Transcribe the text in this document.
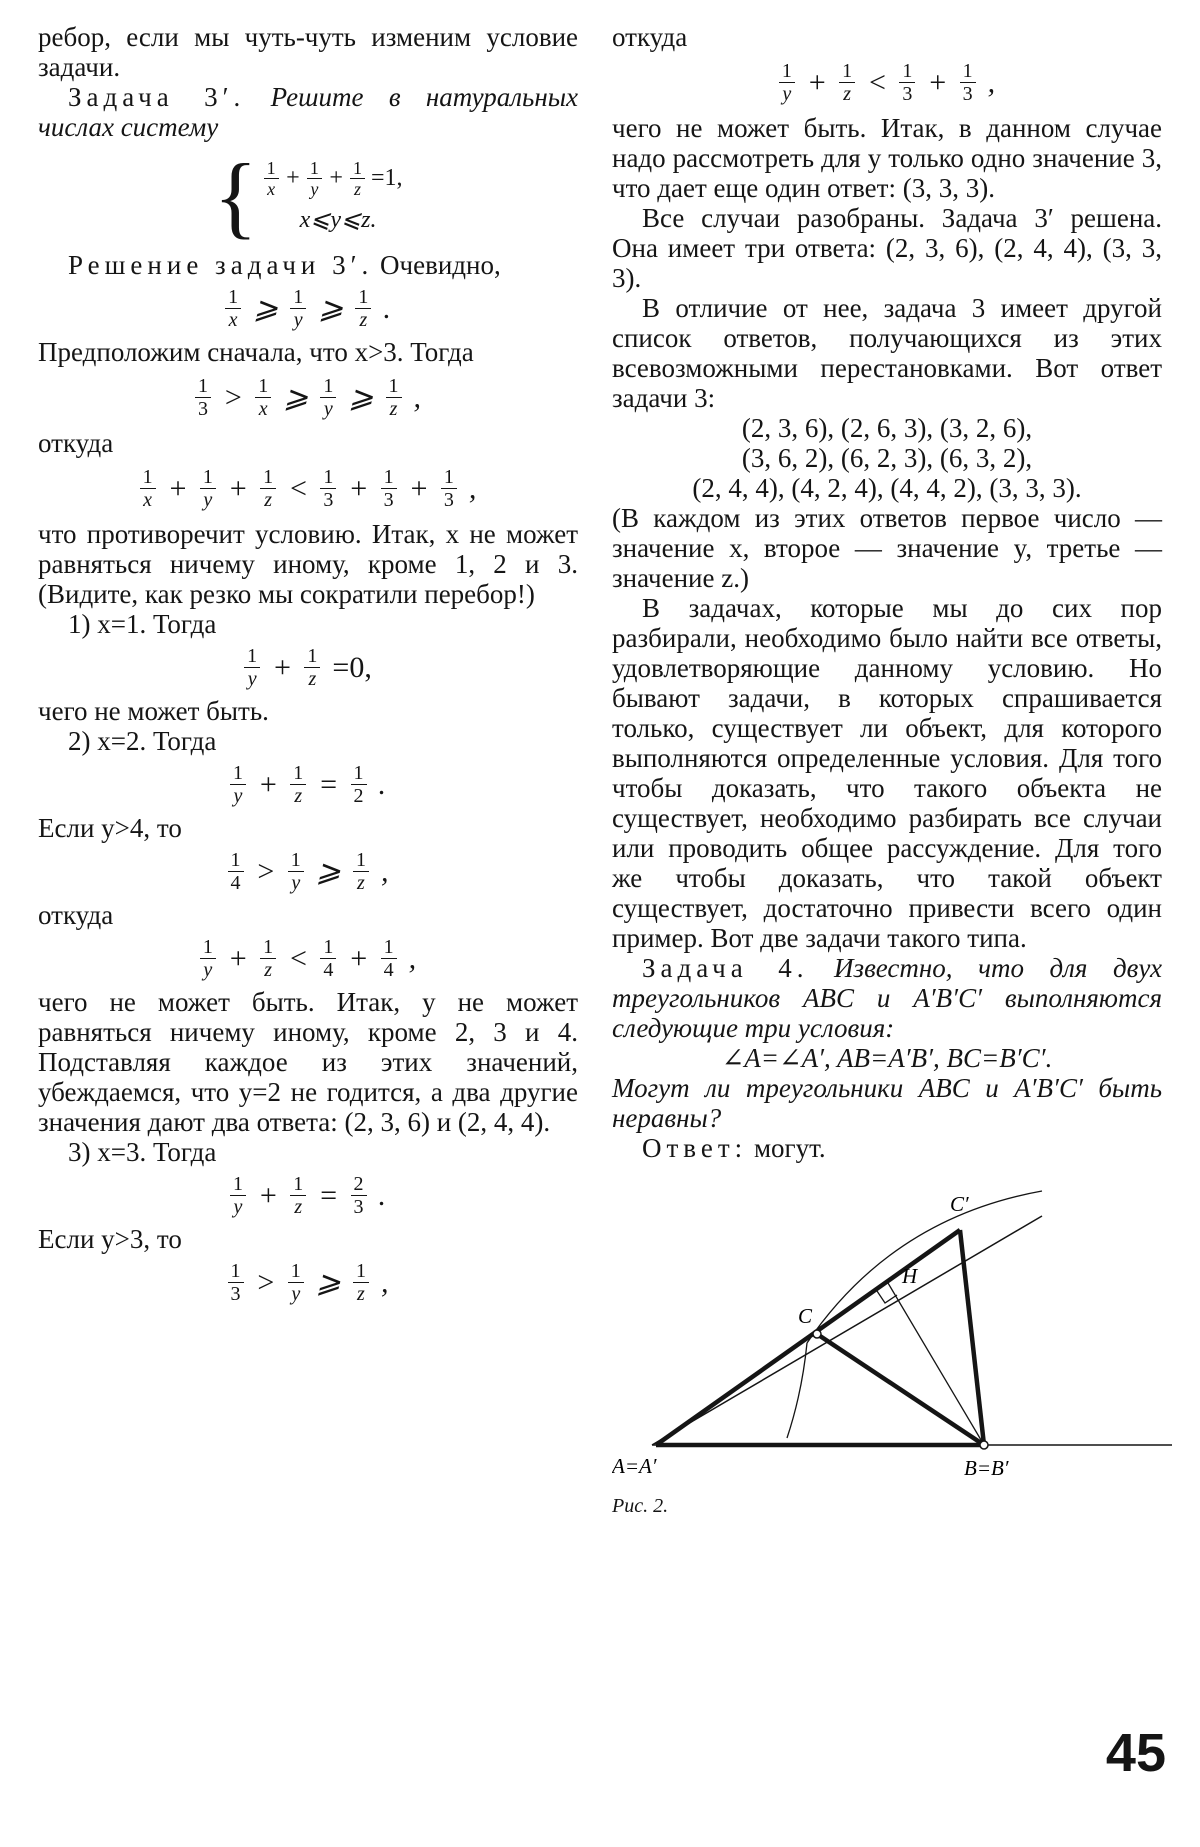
ребор, если мы чуть-чуть изменим условие задачи.

Задача 3′. Решите в натуральных числах систему

{ $\frac{1}{x} + \frac{1}{y} + \frac{1}{z} =1$,
x⩽y⩽z.

Решение задачи 3′. Очевидно,

$\frac{1}{x}$ ⩾ $\frac{1}{y}$ ⩾ $\frac{1}{z}$ .

Предположим сначала, что x>3. Тогда

$\frac{1}{3} > \frac{1}{x}$ ⩾ $\frac{1}{y}$ ⩾ $\frac{1}{z}$ ,

откуда

$\frac{1}{x} + \frac{1}{y} + \frac{1}{z} < \frac{1}{3} + \frac{1}{3} + \frac{1}{3}$ ,

что противоречит условию. Итак, x не может равняться ничему иному, кроме 1, 2 и 3. (Видите, как резко мы сократили перебор!)

1) x=1. Тогда

$\frac{1}{y} + \frac{1}{z} =0$,

чего не может быть.

2) x=2. Тогда

$\frac{1}{y} + \frac{1}{z} = \frac{1}{2}$ .

Если y>4, то

$\frac{1}{4} > \frac{1}{y}$ ⩾ $\frac{1}{z}$ ,

откуда

$\frac{1}{y} + \frac{1}{z} < \frac{1}{4} + \frac{1}{4}$ ,

чего не может быть. Итак, y не может равняться ничему иному, кроме 2, 3 и 4. Подставляя каждое из этих значений, убеждаемся, что y=2 не годится, а два другие значения дают два ответа: (2, 3, 6) и (2, 4, 4).

3) x=3. Тогда

$\frac{1}{y} + \frac{1}{z} = \frac{2}{3}$ .

Если y>3, то

$\frac{1}{3} > \frac{1}{y}$ ⩾ $\frac{1}{z}$ ,

откуда

$\frac{1}{y} + \frac{1}{z} < \frac{1}{3} + \frac{1}{3}$ ,

чего не может быть. Итак, в данном случае надо рассмотреть для y только одно значение 3, что дает еще один ответ: (3, 3, 3).

Все случаи разобраны. Задача 3′ решена. Она имеет три ответа: (2, 3, 6), (2, 4, 4), (3, 3, 3).

В отличие от нее, задача 3 имеет другой список ответов, получающихся из этих всевозможными перестановками. Вот ответ задачи 3:

(2, 3, 6), (2, 6, 3), (3, 2, 6),

(3, 6, 2), (6, 2, 3), (6, 3, 2),

(2, 4, 4), (4, 2, 4), (4, 4, 2), (3, 3, 3).

(В каждом из этих ответов первое число — значение x, второе — значение y, третье — значение z.)

В задачах, которые мы до сих пор разбирали, необходимо было найти все ответы, удовлетворяющие данному условию. Но бывают задачи, в которых спрашивается только, существует ли объект, для которого выполняются определенные условия. Для того чтобы доказать, что такого объекта не существует, необходимо разбирать все случаи или проводить общее рассуждение. Для того же чтобы доказать, что такой объект существует, достаточно привести всего один пример. Вот две задачи такого типа.

Задача 4. Известно, что для двух треугольников ABC и A′B′C′ выполняются следующие три условия:

∠A=∠A′, AB=A′B′, BC=B′C′.

Могут ли треугольники ABC и A′B′C′ быть неравны?

Ответ: могут.

A=A′	B=B′
C
C′
H
Рис. 2.
45
